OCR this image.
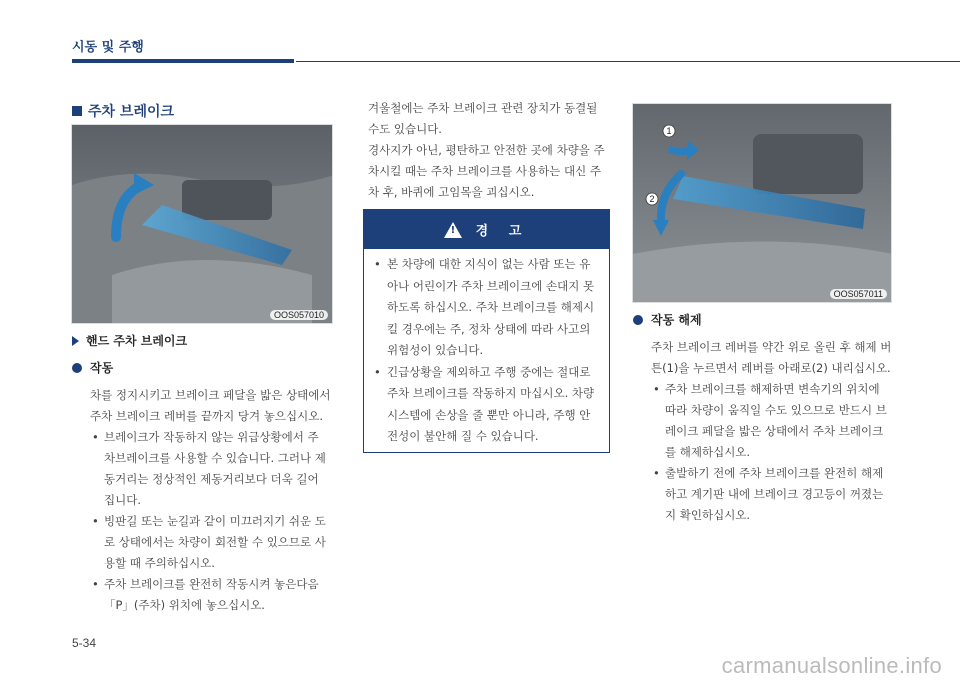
시동 및 주행
주차 브레이크
OOS057010
핸드 주차 브레이크
작동
차를 정지시키고 브레이크 페달을 밟은 상태에서
주차 브레이크 레버를 끝까지 당겨 놓으십시오.
• 브레이크가 작동하지 않는 위급상황에서 주
차브레이크를 사용할 수 있습니다. 그러나 제
동거리는 정상적인 제동거리보다 더욱 길어
집니다.
• 빙판길 또는 눈길과 같이 미끄러지기 쉬운 도
로 상태에서는 차량이 회전할 수 있으므로 사
용할 때 주의하십시오.
• 주차 브레이크를 완전히 작동시켜 놓은다음
「P」(주차) 위치에 놓으십시오.
겨울철에는 주차 브레이크 관련 장치가 동결될
수도 있습니다.
경사지가 아닌, 평탄하고 안전한 곳에 차량을 주
차시킬 때는 주차 브레이크를 사용하는 대신 주
차 후, 바퀴에 고임목을 괴십시오.
! 경 고
• 본 차량에 대한 지식이 없는 사람 또는 유
아나 어린이가 주차 브레이크에 손대지 못
하도록 하십시오. 주차 브레이크를 해제시
킬 경우에는 주, 정차 상태에 따라 사고의
위험성이 있습니다.
• 긴급상황을 제외하고 주행 중에는 절대로
주차 브레이크를 작동하지 마십시오. 차량
시스템에 손상을 줄 뿐만 아니라, 주행 안
전성이 불안해 질 수 있습니다.
1
2
OOS057011
작동 해제
주차 브레이크 레버를 약간 위로 올린 후 해제 버
튼(1)을 누르면서 레버를 아래로(2) 내리십시오.
• 주차 브레이크를 해제하면 변속기의 위치에
따라 차량이 움직일 수도 있으므로 반드시 브
레이크 페달을 밟은 상태에서 주차 브레이크
를 해제하십시오.
• 출발하기 전에 주차 브레이크를 완전히 해제
하고 계기판 내에 브레이크 경고등이 꺼졌는
지 확인하십시오.
5-34
carmanualsonline.info
